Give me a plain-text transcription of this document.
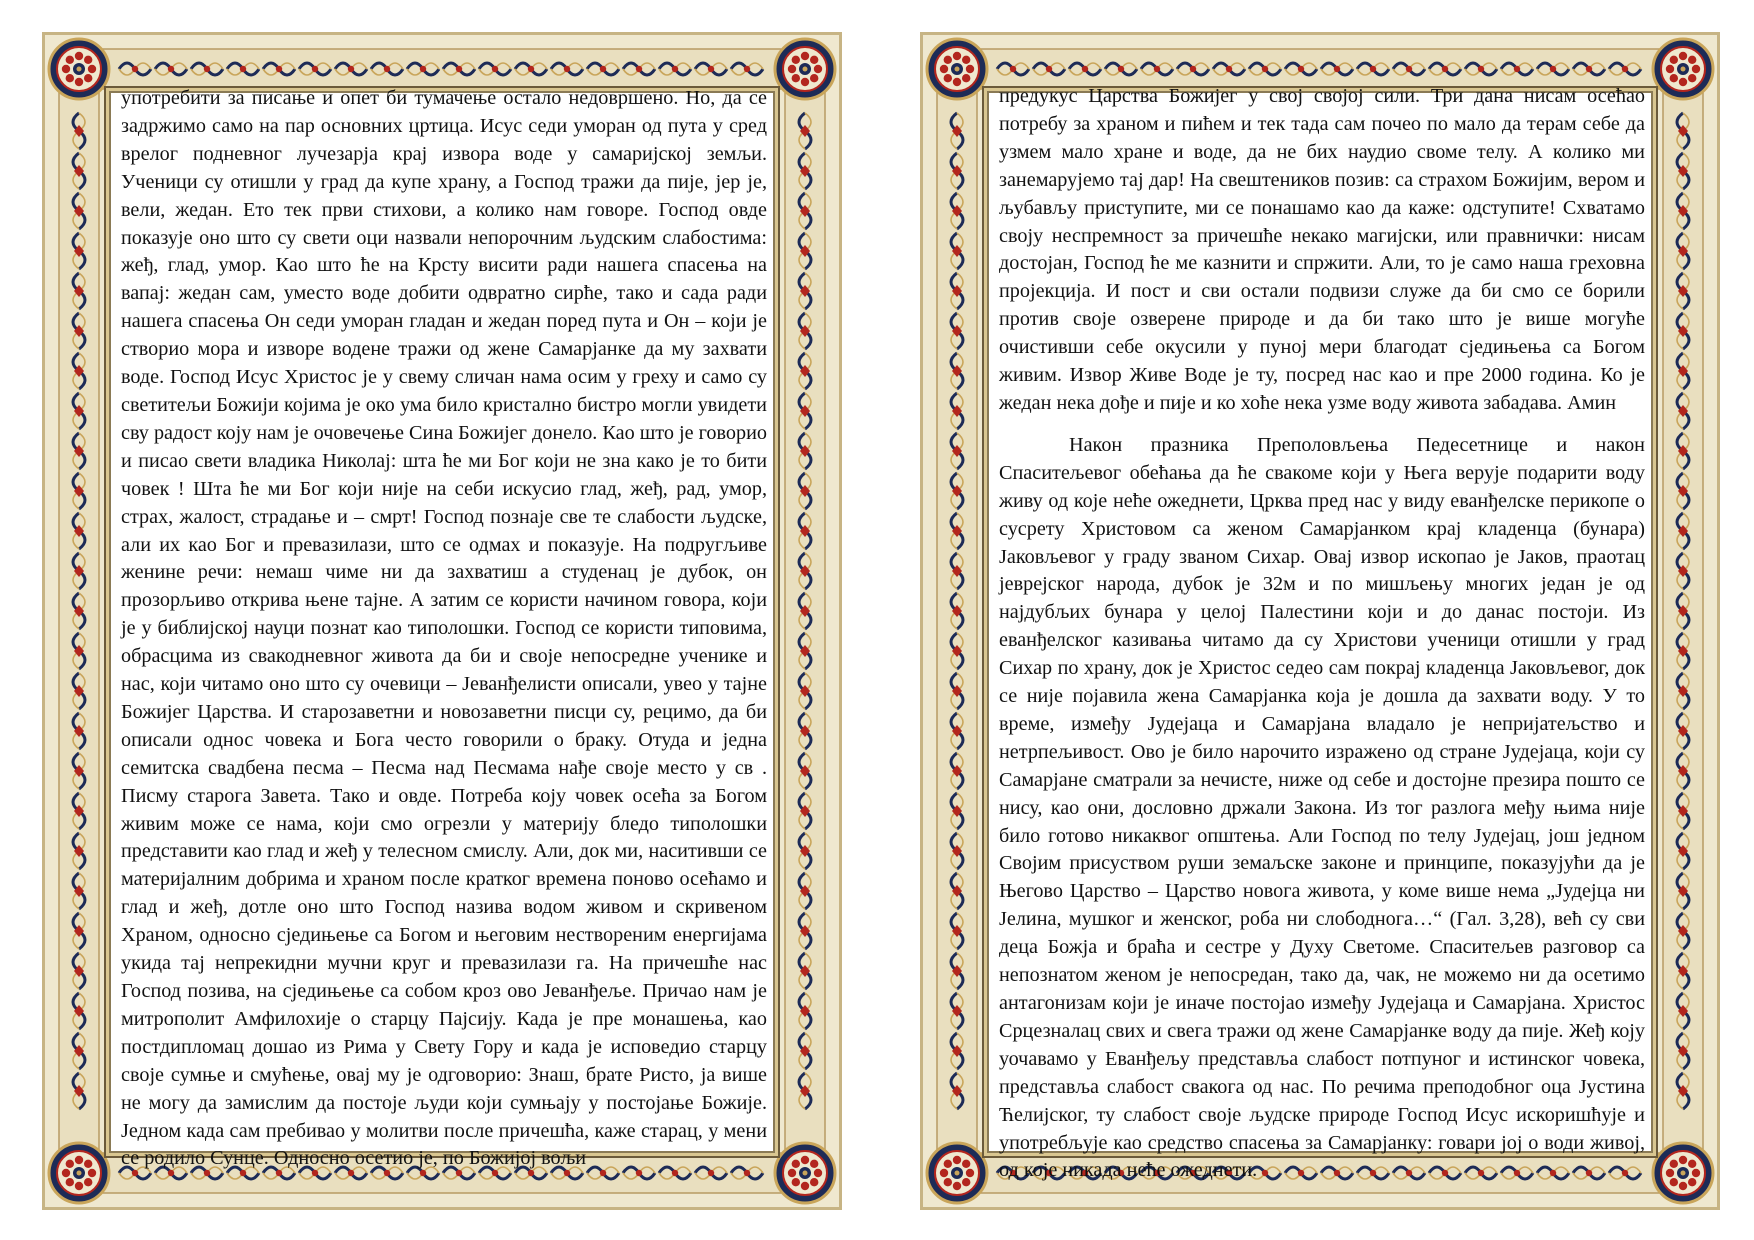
употребити за писање и опет би тумачење остало недовршено. Но, да се задржимо само на пар основних цртица. Исус седи уморан од пута у сред врелог подневног лучезарја крај извора воде у самаријској земљи. Ученици су отишли у град да купе храну, а Господ тражи да пије, јер је, вели, жедан. Ето тек први стихови, а колико нам говоре. Господ овде показује оно што су свети оци назвали непорочним људским слабостима: жеђ, глад, умор. Као што ће на Крсту висити ради нашега спасења на вапај: жедан сам, уместо воде добити одвратно сирће, тако и сада ради нашега спасења Он седи уморан гладан и жедан поред пута и Он – који је створио мора и изворе водене тражи од жене Самарјанке да му захвати воде. Господ Исус Христос је у свему сличан нама осим у греху и само су светитељи Божији којима је око ума било кристално бистро могли увидети сву радост коју нам је очовечење Сина Божијег донело. Као што је говорио и писао свети владика Николај: шта ће ми Бог који не зна како је то бити човек ! Шта ће ми Бог који није на себи искусио глад, жеђ, рад, умор, страх, жалост, страдање и – смрт! Господ познаје све те слабости људске, али их као Бог и превазилази, што се одмах и показује. На подругљиве женине речи: немаш чиме ни да захватиш а студенац је дубок, он прозорљиво открива њене тајне. А затим се користи начином говора, који је у библијској науци познат као типолошки. Господ се користи типовима, обрасцима из свакодневног живота да би и своје непосредне ученике и нас, који читамо оно што су очевици – Јеванђелисти описали, увео у тајне Божијег Царства. И старозаветни и новозаветни писци су, рецимо, да би описали однос човека и Бога често говорили о браку. Отуда и једна семитска свадбена песма – Песма над Песмама нађе своје место у св . Писму старога Завета. Тако и овде. Потреба коју човек осећа за Богом живим може се нама, који смо огрезли у материју бледо типолошки представити као глад и жеђ у телесном смислу. Али, док ми, наситивши се материјалним добрима и храном после кратког времена поново осећамо и глад и жеђ, дотле оно што Господ назива водом живом и скривеном Храном, односно сједињење са Богом и његовим нествореним енергијама укида тај непрекидни мучни круг и превазилази га. На причешће нас Господ позива, на сједињење са собом кроз ово Јеванђеље. Причао нам је митрополит Амфилохије о старцу Пајсију. Када је пре монашења, као постдипломац дошао из Рима у Свету Гору и када је исповедио старцу своје сумње и смућење, овај му је одговорио: Знаш, брате Ристо, ја више не могу да замислим да постоје људи који сумњају у постојање Божије. Једном када сам пребивао у молитви после причешћа, каже старац, у мени се родило Сунце. Односно осетио је, по Божијој вољи

предукус Царства Божијег у свој својој сили. Три дана нисам осећао потребу за храном и пићем и тек тада сам почео по мало да терам себе да узмем мало хране и воде, да не бих наудио своме телу. А колико ми занемарујемо тај дар! На свештеников позив: са страхом Божијим, вером и љубављу приступите, ми се понашамо као да каже: одступите! Схватамо своју неспремност за причешће некако магијски, или правнички: нисам достојан, Господ ће ме казнити и спржити. Али, то је само наша греховна пројекција. И пост и сви остали подвизи служе да би смо се борили против своје озверене природе и да би тако што је више могуће очистивши себе окусили у пуној мери благодат сједињења са Богом живим. Извор Живе Воде је ту, посред нас као и пре 2000 година. Ко је жедан нека дође и пије и ко хоће нека узме воду живота забадава. Амин

Након празника Преполовљења Педесетнице и након Спаситељевог обећања да ће свакоме који у Њега верује подарити воду живу од које неће ожеднети, Црква пред нас у виду еванђелске перикопе о сусрету Христовом са женом Самарјанком крај кладенца (бунара) Јаковљевог у граду званом Сихар. Овај извор ископао је Јаков, праотац јеврејског народа, дубок је 32м и по мишљењу многих један је од најдубљих бунара у целој Палестини који и до данас постоји. Из еванђелског казивања читамо да су Христови ученици отишли у град Сихар по храну, док је Христос седео сам покрај кладенца Јаковљевог, док се није појавила жена Самарјанка која је дошла да захвати воду. У то време, између Јудејаца и Самарјана владало је непријатељство и нетрпељивост. Ово је било нарочито изражено од стране Јудејаца, који су Самарјане сматрали за нечисте, ниже од себе и достојне презира пошто се нису, као они, дословно држали Закона. Из тог разлога међу њима није било готово никаквог општења. Али Господ по телу Јудејац, још једном Својим присуством руши земаљске законе и принципе, показујући да је Његово Царство – Царство новога живота, у коме више нема „Јудејца ни Јелина, мушког и женског, роба ни слободнога…“ (Гал. 3,28), већ су сви деца Божја и браћа и сестре у Духу Светоме. Спаситељев разговор са непознатом женом је непосредан, тако да, чак, не можемо ни да осетимо антагонизам који је иначе постојао између Јудејаца и Самарјана. Христос Срцезналац свих и свега тражи од жене Самарјанке воду да пије. Жеђ коју уочавамо у Еванђељу представља слабост потпуног и истинског човека, представља слабост свакога од нас. По речима преподобног оца Јустина Ћелијског, ту слабост своје људске природе Господ Исус искоришћује и употребљује као средство спасења за Самарјанку: говари јој о води живој, од које никада неће ожеднети.
